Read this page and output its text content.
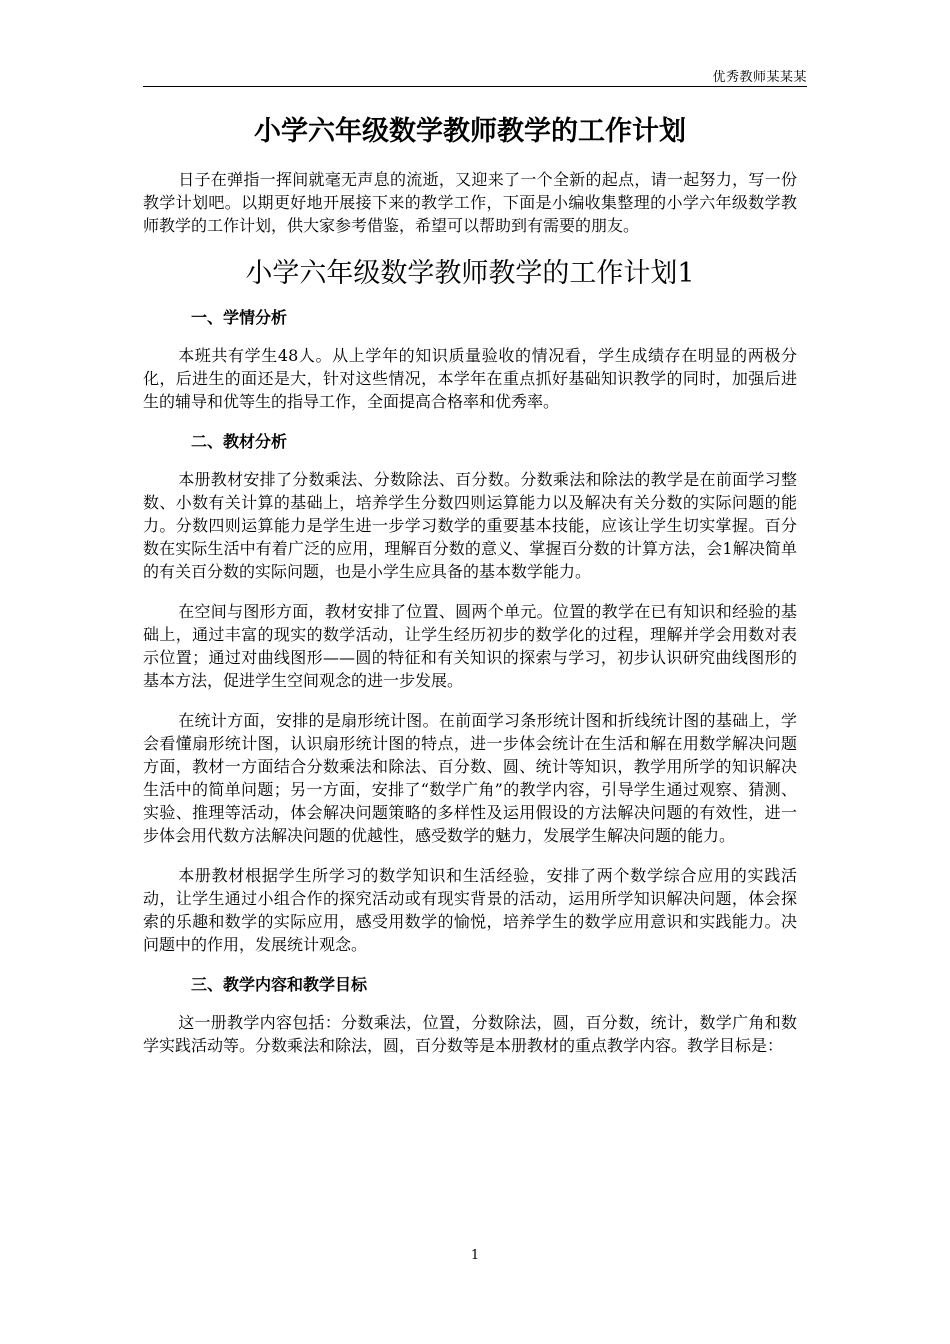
优秀教师某某某
小学六年级数学教师教学的工作计划

日子在弹指一挥间就毫无声息的流逝，又迎来了一个全新的起点，请一起努力，写一份教学计划吧。以期更好地开展接下来的教学工作，下面是小编收集整理的小学六年级数学教师教学的工作计划，供大家参考借鉴，希望可以帮助到有需要的朋友。

小学六年级数学教师教学的工作计划1
一、学情分析

本班共有学生48人。从上学年的知识质量验收的情况看，学生成绩存在明显的两极分化，后进生的面还是大，针对这些情况，本学年在重点抓好基础知识教学的同时，加强后进生的辅导和优等生的指导工作，全面提高合格率和优秀率。

二、教材分析

本册教材安排了分数乘法、分数除法、百分数。分数乘法和除法的教学是在前面学习整数、小数有关计算的基础上，培养学生分数四则运算能力以及解决有关分数的实际问题的能力。分数四则运算能力是学生进一步学习数学的重要基本技能，应该让学生切实掌握。百分数在实际生活中有着广泛的应用，理解百分数的意义、掌握百分数的计算方法，会1解决简单的有关百分数的实际问题，也是小学生应具备的基本数学能力。

在空间与图形方面，教材安排了位置、圆两个单元。位置的教学在已有知识和经验的基础上，通过丰富的现实的数学活动，让学生经历初步的数学化的过程，理解并学会用数对表示位置；通过对曲线图形——圆的特征和有关知识的探索与学习，初步认识研究曲线图形的基本方法，促进学生空间观念的进一步发展。

在统计方面，安排的是扇形统计图。在前面学习条形统计图和折线统计图的基础上，学会看懂扇形统计图，认识扇形统计图的特点，进一步体会统计在生活和解在用数学解决问题方面，教材一方面结合分数乘法和除法、百分数、圆、统计等知识，教学用所学的知识解决生活中的简单问题；另一方面，安排了“数学广角”的教学内容，引导学生通过观察、猜测、实验、推理等活动，体会解决问题策略的多样性及运用假设的方法解决问题的有效性，进一步体会用代数方法解决问题的优越性，感受数学的魅力，发展学生解决问题的能力。

本册教材根据学生所学习的数学知识和生活经验，安排了两个数学综合应用的实践活动，让学生通过小组合作的探究活动或有现实背景的活动，运用所学知识解决问题，体会探索的乐趣和数学的实际应用，感受用数学的愉悦，培养学生的数学应用意识和实践能力。决问题中的作用，发展统计观念。

三、教学内容和教学目标

这一册教学内容包括：分数乘法，位置，分数除法，圆，百分数，统计，数学广角和数学实践活动等。分数乘法和除法，圆，百分数等是本册教材的重点教学内容。教学目标是：

1
